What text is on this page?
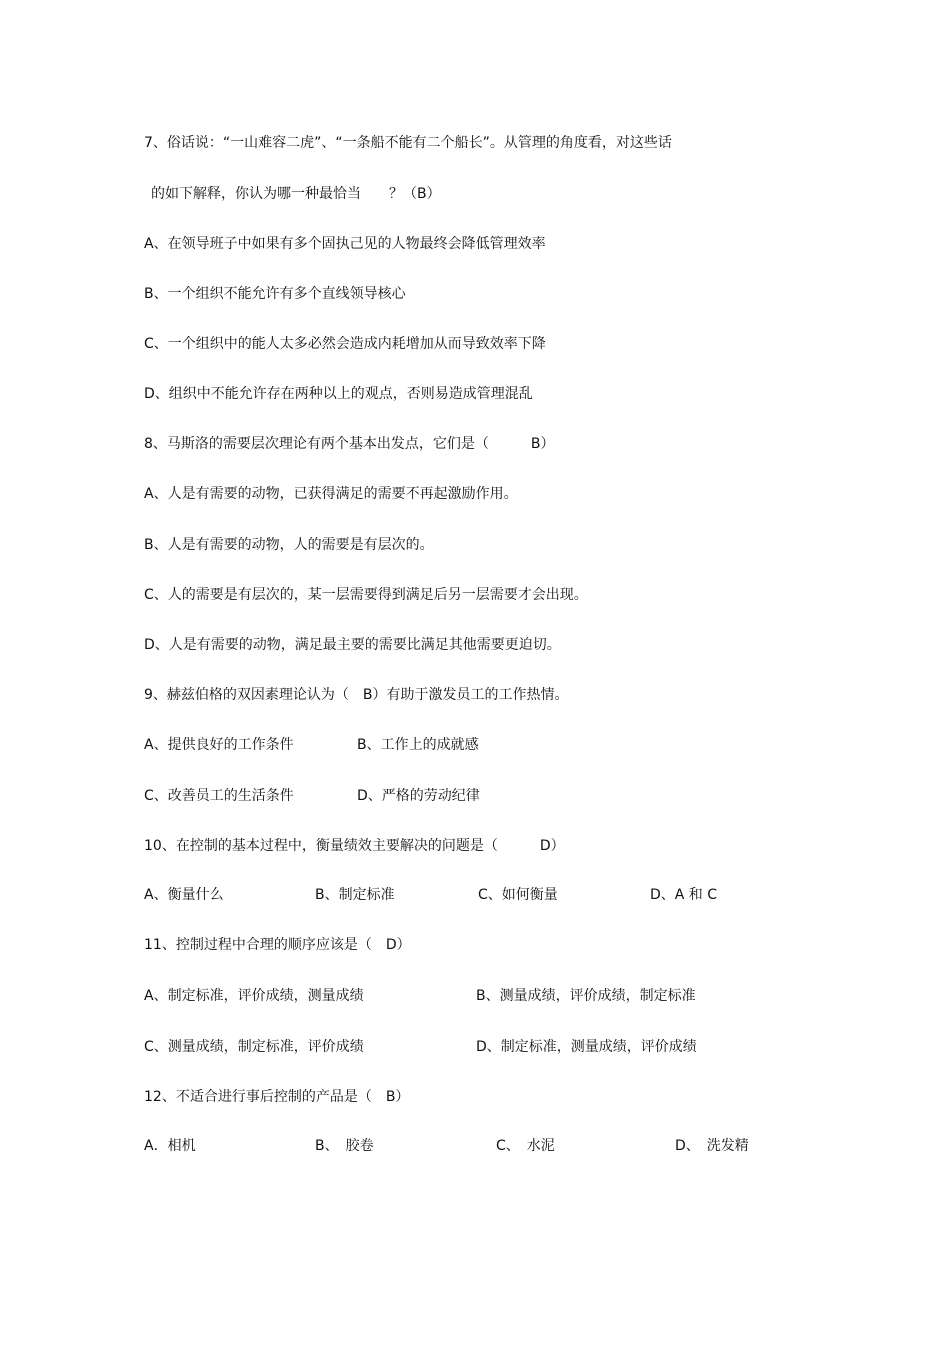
7、俗话说：“一山难容二虎”、“一条船不能有二个船长”。从管理的角度看，对这些话
的如下解释，你认为哪一种最恰当　　？（B）
A、在领导班子中如果有多个固执己见的人物最终会降低管理效率
B、一个组织不能允许有多个直线领导核心
C、一个组织中的能人太多必然会造成内耗增加从而导致效率下降
D、组织中不能允许存在两种以上的观点，否则易造成管理混乱
8、马斯洛的需要层次理论有两个基本出发点，它们是（　　　B）
A、人是有需要的动物，已获得满足的需要不再起激励作用。
B、人是有需要的动物，人的需要是有层次的。
C、人的需要是有层次的，某一层需要得到满足后另一层需要才会出现。
D、人是有需要的动物，满足最主要的需要比满足其他需要更迫切。
9、赫兹伯格的双因素理论认为（　B）有助于激发员工的工作热情。
A、提供良好的工作条件	B、工作上的成就感
C、改善员工的生活条件	D、严格的劳动纪律
10、在控制的基本过程中，衡量绩效主要解决的问题是（　　　D）
A、衡量什么	B、制定标准	C、如何衡量	D、A 和 C
11、控制过程中合理的顺序应该是（　D）
A、制定标准，评价成绩，测量成绩	B、测量成绩，评价成绩，制定标准
C、测量成绩，制定标准，评价成绩	D、制定标准，测量成绩，评价成绩
12、不适合进行事后控制的产品是（　B）
A．相机	B、　胶卷	C、　水泥	D、　洗发精
